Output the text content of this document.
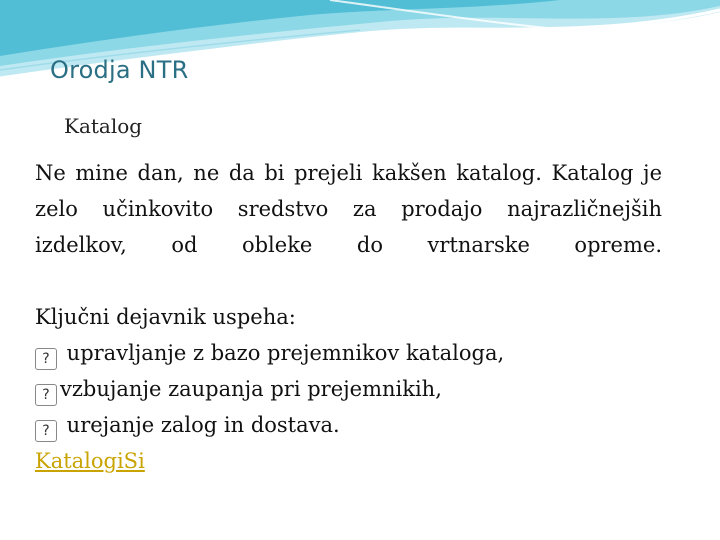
Orodja NTR
Katalog

Ne mine dan, ne da bi prejeli kakšen katalog. Katalog je zelo učinkovito sredstvo za prodajo najrazličnejših izdelkov, od obleke do vrtnarske opreme.

Ključni dejavnik uspeha:

? upravljanje z bazo prejemnikov kataloga,

? vzbujanje zaupanja pri prejemnikih,

? urejanje zalog in dostava.

KatalogiSi
